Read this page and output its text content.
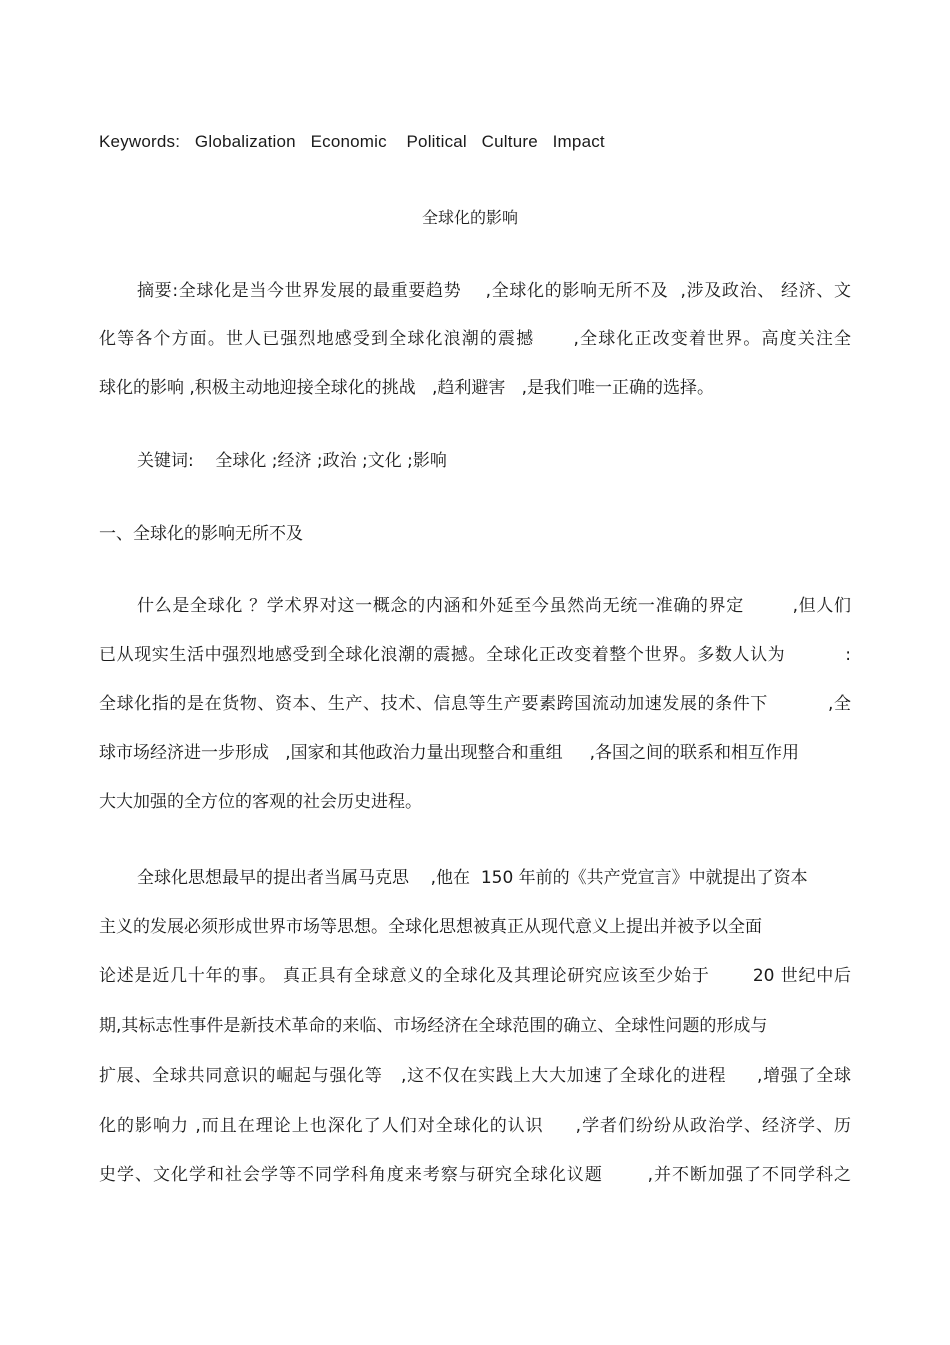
Keywords:   Globalization   Economic    Political   Culture   Impact
全球化的影响
摘要:全球化是当今世界发展的最重要趋势    ,全球化的影响无所不及  ,涉及政治、 经济、文
化等各个方面。世人已强烈地感受到全球化浪潮的震撼      ,全球化正改变着世界。高度关注全
球化的影响 ,积极主动地迎接全球化的挑战   ,趋利避害   ,是我们唯一正确的选择。
关键词:    全球化 ;经济 ;政治 ;文化 ;影响
一、全球化的影响无所不及
什么是全球化 ？学术界对这一概念的内涵和外延至今虽然尚无统一准确的界定        ,但人们
已从现实生活中强烈地感受到全球化浪潮的震撼。全球化正改变着整个世界。多数人认为          :
全球化指的是在货物、资本、生产、技术、信息等生产要素跨国流动加速发展的条件下          ,全
球市场经济进一步形成   ,国家和其他政治力量出现整合和重组     ,各国之间的联系和相互作用
大大加强的全方位的客观的社会历史进程。
全球化思想最早的提出者当属马克思    ,他在  150 年前的《共产党宣言》中就提出了资本
主义的发展必须形成世界市场等思想。全球化思想被真正从现代意义上提出并被予以全面
论述是近几十年的事。 真正具有全球意义的全球化及其理论研究应该至少始于       20 世纪中后
期,其标志性事件是新技术革命的来临、市场经济在全球范围的确立、全球性问题的形成与
扩展、全球共同意识的崛起与强化等   ,这不仅在实践上大大加速了全球化的进程     ,增强了全球
化的影响力 ,而且在理论上也深化了人们对全球化的认识     ,学者们纷纷从政治学、经济学、历
史学、文化学和社会学等不同学科角度来考察与研究全球化议题       ,并不断加强了不同学科之
